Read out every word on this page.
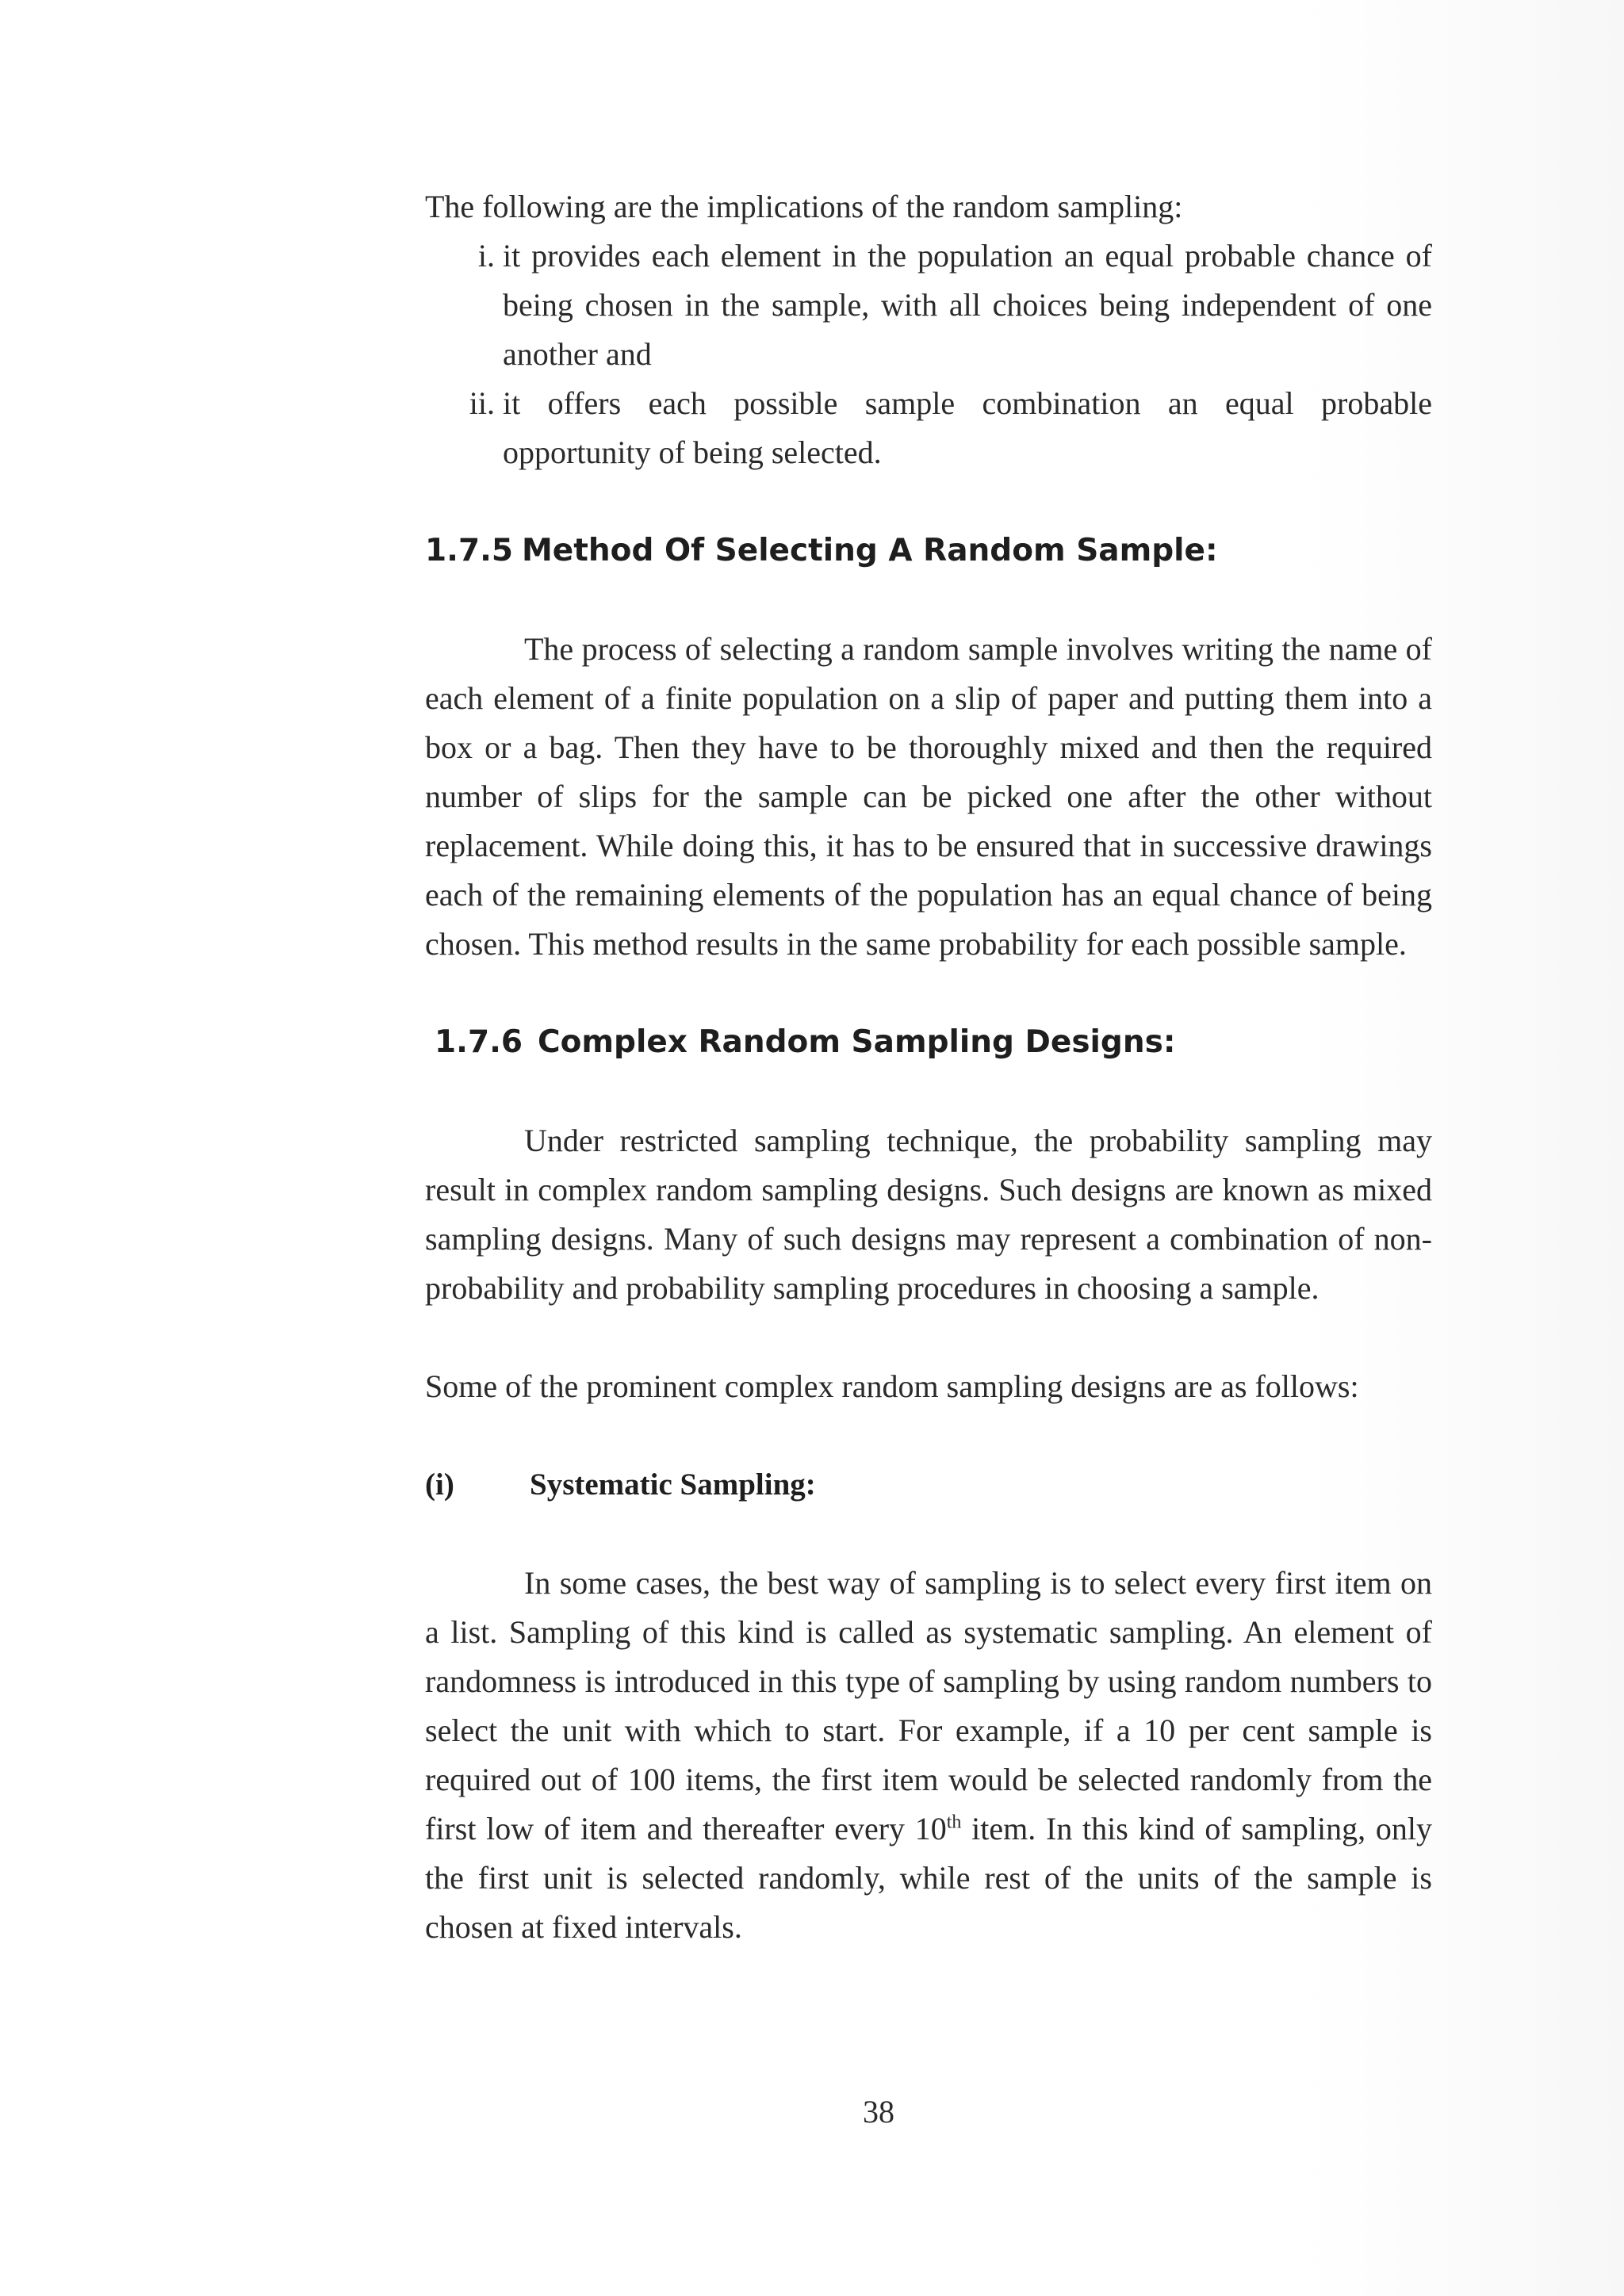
The following are the implications of the random sampling:

i. it provides each element in the population an equal probable chance of being chosen in the sample, with all choices being independent of one another and
ii. it offers each possible sample combination an equal probable opportunity of being selected.
1.7.5 Method Of Selecting A Random Sample:

The process of selecting a random sample involves writing the name of each element of a finite population on a slip of paper and putting them into a box or a bag. Then they have to be thoroughly mixed and then the required number of slips for the sample can be picked one after the other without replacement. While doing this, it has to be ensured that in successive drawings each of the remaining elements of the population has an equal chance of being chosen. This method results in the same probability for each possible sample.

1.7.6 Complex Random Sampling Designs:

Under restricted sampling technique, the probability sampling may result in complex random sampling designs. Such designs are known as mixed sampling designs. Many of such designs may represent a combination of non-probability and probability sampling procedures in choosing a sample.

Some of the prominent complex random sampling designs are as follows:

(i) Systematic Sampling:

In some cases, the best way of sampling is to select every first item on a list. Sampling of this kind is called as systematic sampling. An element of randomness is introduced in this type of sampling by using random numbers to select the unit with which to start. For example, if a 10 per cent sample is required out of 100 items, the first item would be selected randomly from the first low of item and thereafter every 10th item. In this kind of sampling, only the first unit is selected randomly, while rest of the units of the sample is chosen at fixed intervals.

38
